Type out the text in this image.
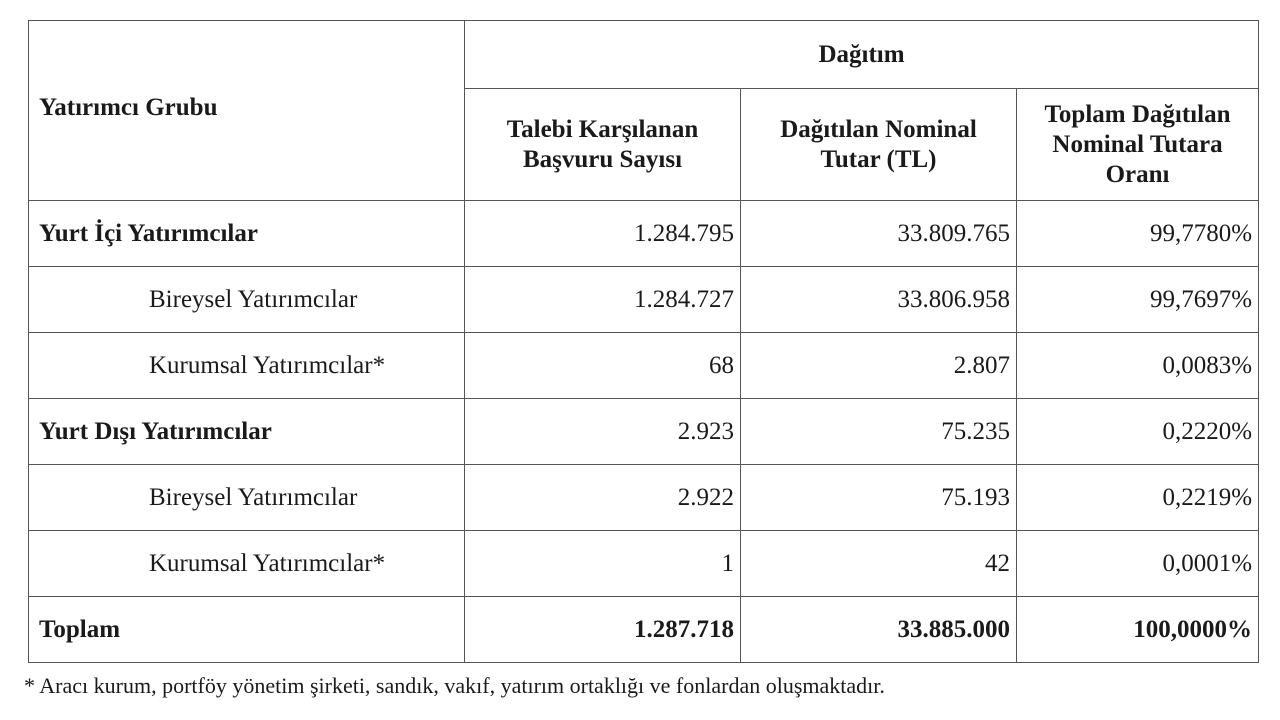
Yatırımcı Grubu	Dağıtım		
	Talebi Karşılanan Başvuru Sayısı	Dağıtılan Nominal Tutar (TL)	Toplam Dağıtılan Nominal Tutara Oranı
Yurt İçi Yatırımcılar	1.284.795	33.809.765	99,7780%
Bireysel Yatırımcılar	1.284.727	33.806.958	99,7697%
Kurumsal Yatırımcılar*	68	2.807	0,0083%
Yurt Dışı Yatırımcılar	2.923	75.235	0,2220%
Bireysel Yatırımcılar	2.922	75.193	0,2219%
Kurumsal Yatırımcılar*	1	42	0,0001%
Toplam	1.287.718	33.885.000	100,0000%
* Aracı kurum, portföy yönetim şirketi, sandık, vakıf, yatırım ortaklığı ve fonlardan oluşmaktadır.
